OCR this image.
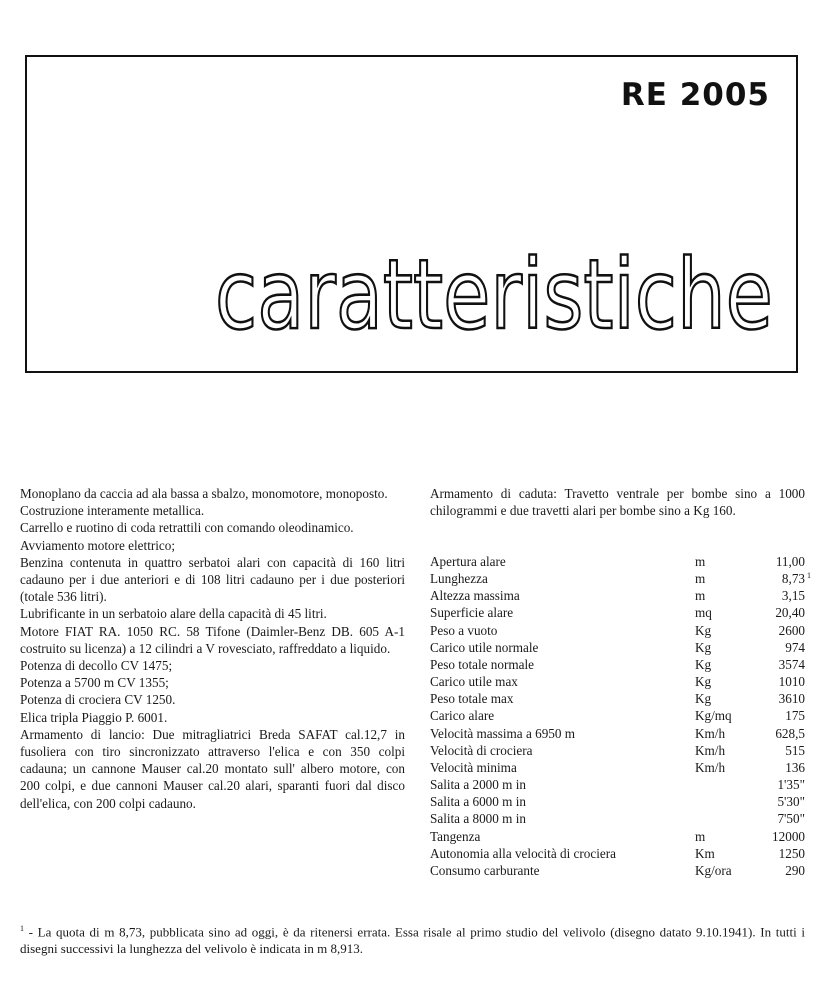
RE 2005
caratteristiche

Monoplano da caccia ad ala bassa a sbalzo, monomotore, monoposto.

Costruzione interamente metallica.

Carrello e ruotino di coda retrattili con comando oleodinamico.

Avviamento motore elettrico;

Benzina contenuta in quattro serbatoi alari con capacità di 160 litri cadauno per i due anteriori e di 108 litri cadauno per i due posteriori (totale 536 litri).

Lubrificante in un serbatoio alare della capacità di 45 litri.

Motore FIAT RA. 1050 RC. 58 Tifone (Daimler-Benz DB. 605 A-1 costruito su licenza) a 12 cilindri a V rovesciato, raffreddato a liquido.

Potenza di decollo CV 1475;

Potenza a 5700 m CV 1355;

Potenza di crociera CV 1250.

Elica tripla Piaggio P. 6001.

Armamento di lancio: Due mitragliatrici Breda SAFAT cal.12,7 in fusoliera con tiro sincronizzato attraverso l'elica e con 350 colpi cadauna; un cannone Mauser cal.20 montato sull' albero motore, con 200 colpi, e due cannoni Mauser cal.20 alari, sparanti fuori dal disco dell'elica, con 200 colpi cadauno.

Armamento di caduta: Travetto ventrale per bombe sino a 1000 chilogrammi e due travetti alari per bombe sino a Kg 160.

Apertura alare	m	11,00
Lunghezza	m	8,73 1

Altezza massima	m	3,15
Superficie alare	mq	20,40
Peso a vuoto	Kg	2600
Carico utile normale	Kg	974
Peso totale normale	Kg	3574
Carico utile max	Kg	1010
Peso totale max	Kg	3610
Carico alare	Kg/mq	175
Velocità massima a 6950 m	Km/h	628,5
Velocità di crociera	Km/h	515
Velocità minima	Km/h	136
Salita a 2000 m in		1'35"
Salita a 6000 m in		5'30"
Salita a 8000 m in		7'50"
Tangenza	m	12000
Autonomia alla velocità di crociera	Km	1250
Consumo carburante	Kg/ora	290

$^1$ - La quota di m 8,73, pubblicata sino ad oggi, è da ritenersi errata. Essa risale al primo studio del velivolo (disegno datato 9.10.1941). In tutti i disegni successivi la lunghezza del velivolo è indicata in m 8,913.
